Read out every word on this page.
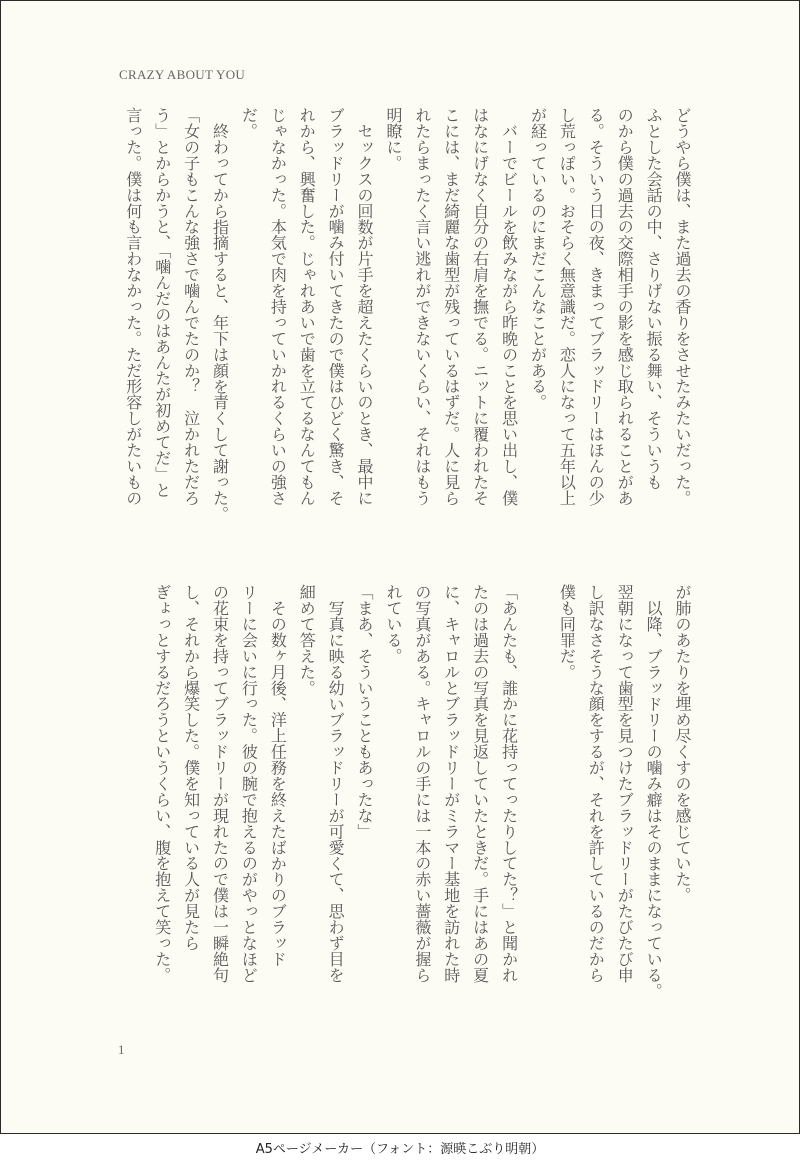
CRAZY ABOUT YOU
どうやら僕は、また過去の香りをさせたみたいだった。
ふとした会話の中、さりげない振る舞い、そういうも
のから僕の過去の交際相手の影を感じ取られることがあ
る。そういう日の夜、きまってブラッドリーはほんの少
し荒っぽい。おそらく無意識だ。恋人になって五年以上
が経っているのにまだこんなことがある。
バーでビールを飲みながら昨晩のことを思い出し、僕
はなにげなく自分の右肩を撫でる。ニットに覆われたそ
こには、まだ綺麗な歯型が残っているはずだ。人に見ら
れたらまったく言い逃れができないくらい、それはもう
明瞭に。
セックスの回数が片手を超えたくらいのとき、最中に
ブラッドリーが噛み付いてきたので僕はひどく驚き、そ
れから、興奮した。じゃれあいで歯を立てるなんてもん
じゃなかった。本気で肉を持っていかれるくらいの強さ
だ。
終わってから指摘すると、年下は顔を青くして謝った。
「女の子もこんな強さで噛んでたのか？　泣かれただろ
う」とからかうと、「噛んだのはあんたが初めてだ」と
言った。僕は何も言わなかった。ただ形容しがたいもの
が肺のあたりを埋め尽くすのを感じていた。
以降、ブラッドリーの噛み癖はそのままになっている。
翌朝になって歯型を見つけたブラッドリーがたびたび申
し訳なさそうな顔をするが、それを許しているのだから
僕も同罪だ。

「あんたも、誰かに花持ってったりしてた？」と聞かれ
たのは過去の写真を見返していたときだ。手にはあの夏
に、キャロルとブラッドリーがミラマー基地を訪れた時
の写真がある。キャロルの手には一本の赤い薔薇が握ら
れている。
「まあ、そういうこともあったな」
写真に映る幼いブラッドリーが可愛くて、思わず目を
細めて答えた。
その数ヶ月後、洋上任務を終えたばかりのブラッド
リーに会いに行った。彼の腕で抱えるのがやっとなほど
の花束を持ってブラッドリーが現れたので僕は一瞬絶句
し、それから爆笑した。僕を知っている人が見たら
ぎょっとするだろうというくらい、腹を抱えて笑った。
1
A5ページメーカー（フォント：源暎こぶり明朝）
